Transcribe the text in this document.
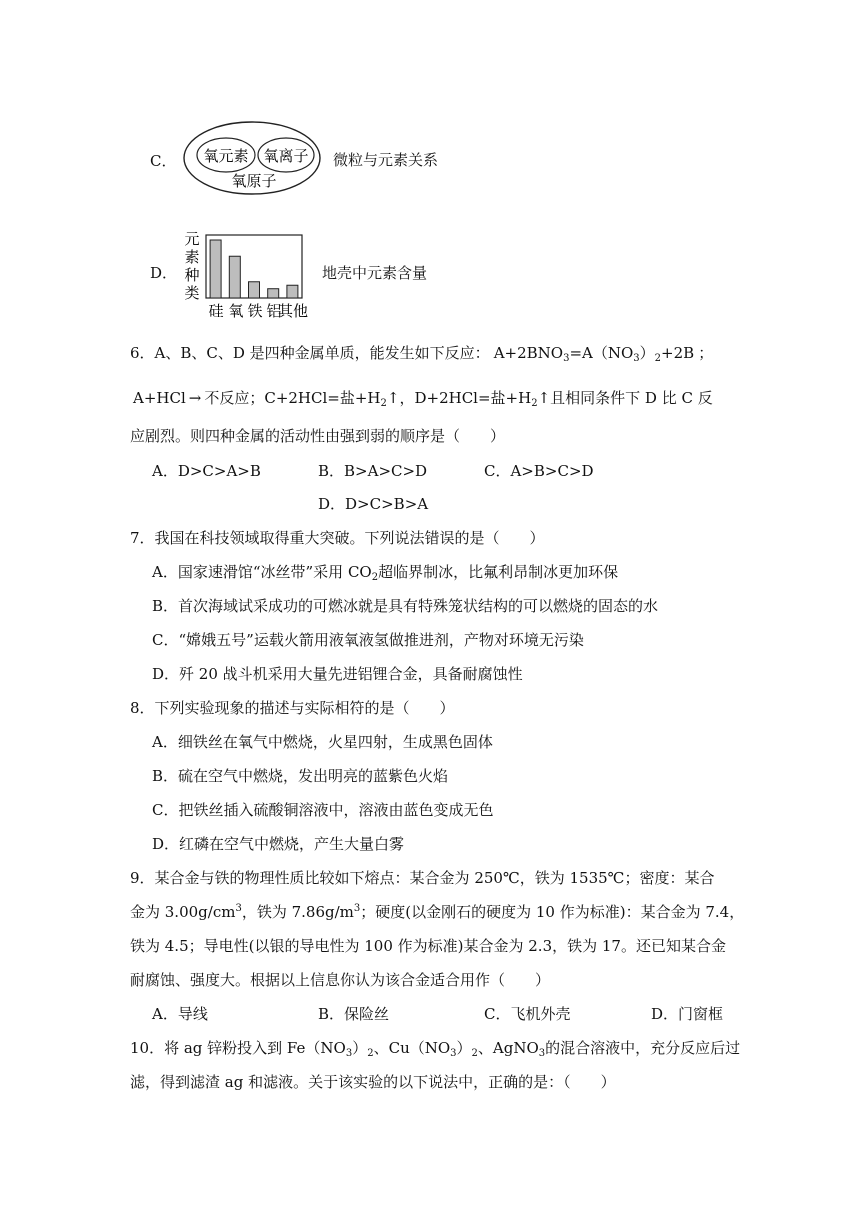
C． 氧元素 氧离子
氧原子
微粒与元素关系
D．
元
素
种
类
硅 氧 铁 铝
其他
地壳中元素含量
6．A、B、C、D 是四种金属单质，能发生如下反应： $A+2BNO_3=A(NO_3)_2+2B$ ；
A+HCl → 不反应；C+2HCl=盐$+H_2↑$，D+2HCl=盐$+H_2↑$且相同条件下 D 比 C 反
应剧烈。则四种金属的活动性由强到弱的顺序是（　　）
A．D>C>A>B	B．B>A>C>D	C．A>B>C>D
D．D>C>B>A
7．我国在科技领域取得重大突破。下列说法错误的是（　　）
A．国家速滑馆“冰丝带”采用 $CO_2$超临界制冰，比氟利昂制冰更加环保
B．首次海域试采成功的可燃冰就是具有特殊笼状结构的可以燃烧的固态的水
C．“嫦娥五号”运载火箭用液氧液氢做推进剂，产物对环境无污染
D．歼 20 战斗机采用大量先进铝锂合金，具备耐腐蚀性
8．下列实验现象的描述与实际相符的是（　　）
A．细铁丝在氧气中燃烧，火星四射，生成黑色固体
B．硫在空气中燃烧，发出明亮的蓝紫色火焰
C．把铁丝插入硫酸铜溶液中，溶液由蓝色变成无色
D．红磷在空气中燃烧，产生大量白雾
9．某合金与铁的物理性质比较如下熔点：某合金为 250℃，铁为 1535℃；密度：某合
金为 $3.00g/cm^3$，铁为 $7.86g/m^3$；硬度(以金刚石的硬度为 10 作为标准)：某合金为 7.4，
铁为 4.5；导电性(以银的导电性为 100 作为标准)某合金为 2.3，铁为 17。还已知某合金
耐腐蚀、强度大。根据以上信息你认为该合金适合用作（　　）
A．导线	B．保险丝	C．飞机外壳	D．门窗框
10．将 ag 锌粉投入到 $Fe(NO_3)_2$、$Cu(NO_3)_2$、AgNO$_3$的混合溶液中，充分反应后过
滤，得到滤渣 ag 和滤液。关于该实验的以下说法中，正确的是：（　　）
